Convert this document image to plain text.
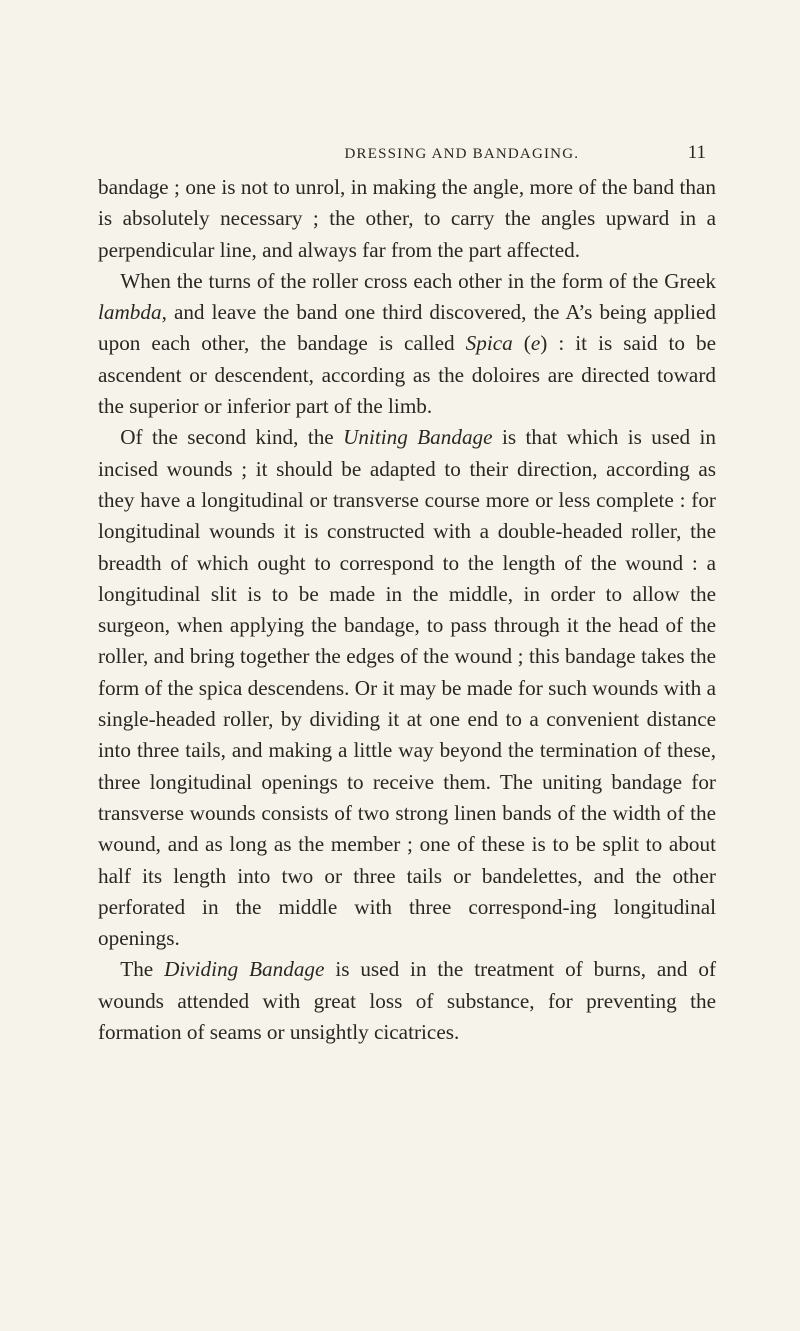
DRESSING AND BANDAGING.	11

bandage ; one is not to unrol, in making the angle, more of the band than is absolutely necessary ; the other, to carry the angles upward in a perpendicular line, and always far from the part affected.

When the turns of the roller cross each other in the form of the Greek lambda, and leave the band one third discovered, the A’s being applied upon each other, the bandage is called Spica (e) : it is said to be ascendent or descendent, according as the doloires are directed toward the superior or inferior part of the limb.

Of the second kind, the Uniting Bandage is that which is used in incised wounds ; it should be adapted to their direction, according as they have a longitudinal or transverse course more or less complete : for longitudinal wounds it is constructed with a double-headed roller, the breadth of which ought to correspond to the length of the wound : a longitudinal slit is to be made in the middle, in order to allow the surgeon, when applying the bandage, to pass through it the head of the roller, and bring together the edges of the wound ; this bandage takes the form of the spica descendens. Or it may be made for such wounds with a single-headed roller, by dividing it at one end to a convenient distance into three tails, and making a little way beyond the termination of these, three longitudinal openings to receive them. The uniting bandage for transverse wounds consists of two strong linen bands of the width of the wound, and as long as the member ; one of these is to be split to about half its length into two or three tails or bandelettes, and the other perforated in the middle with three correspond-ing longitudinal openings.

The Dividing Bandage is used in the treatment of burns, and of wounds attended with great loss of substance, for preventing the formation of seams or unsightly cicatrices.
